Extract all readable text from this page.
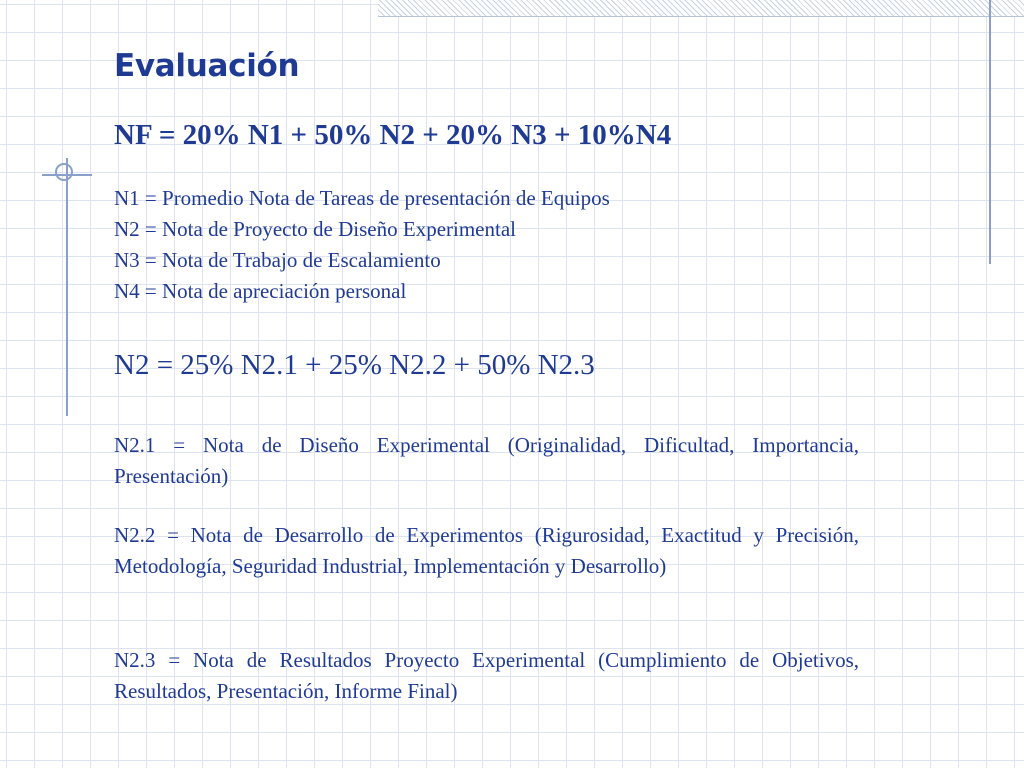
Evaluación

NF = 20% N1 + 50% N2 + 20% N3 + 10%N4

N1 = Promedio Nota de Tareas de presentación de Equipos
N2 = Nota de Proyecto de Diseño Experimental
N3 = Nota de Trabajo de Escalamiento
N4 = Nota de apreciación personal

N2 = 25% N2.1 + 25% N2.2 + 50% N2.3

N2.1 = Nota de Diseño Experimental (Originalidad, Dificultad, Importancia, Presentación)

N2.2 = Nota de Desarrollo de Experimentos (Rigurosidad, Exactitud y Precisión, Metodología, Seguridad Industrial, Implementación y Desarrollo)

N2.3 = Nota de Resultados Proyecto Experimental (Cumplimiento de Objetivos, Resultados, Presentación, Informe Final)
